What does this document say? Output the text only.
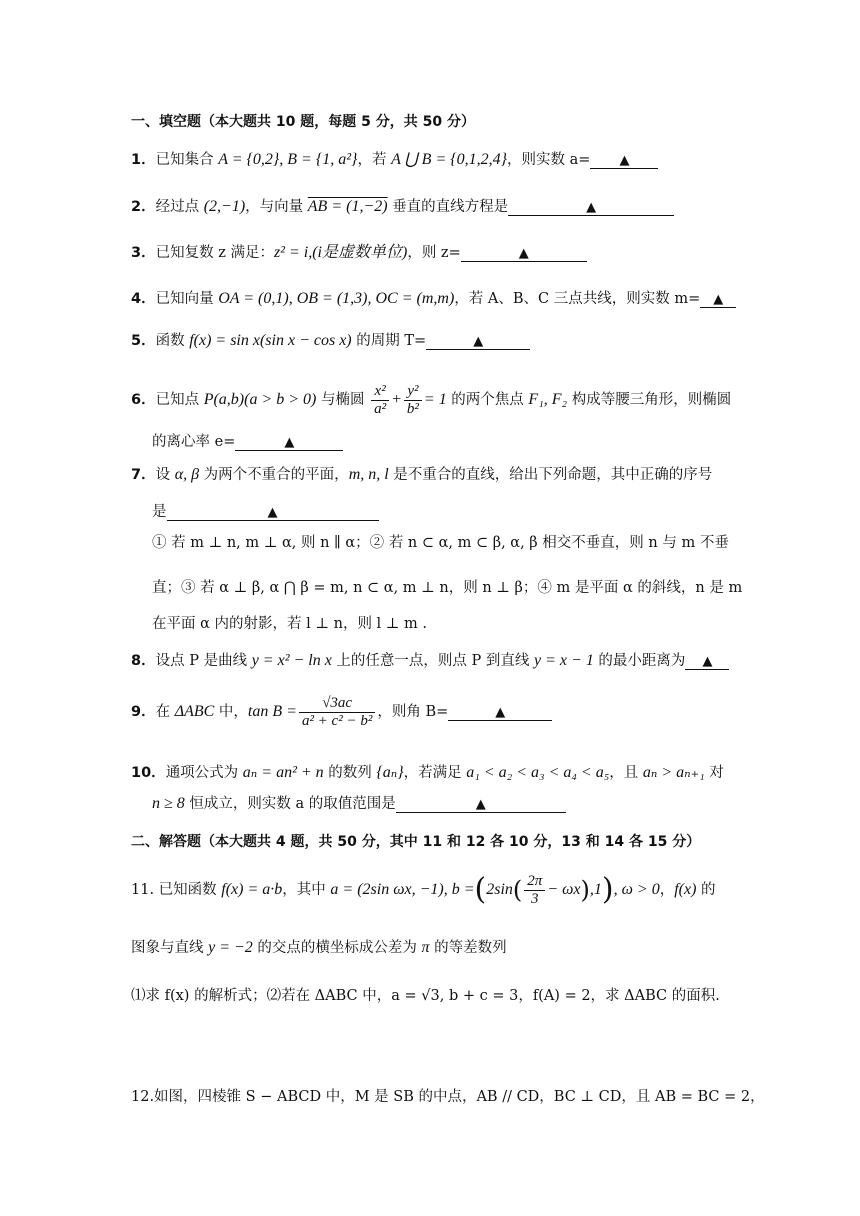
一、填空题（本大题共 10 题，每题 5 分，共 50 分）
1．已知集合 A = {0,2}, B = {1, a²}，若 A ⋃ B = {0,1,2,4}，则实数 a= ▲
2．经过点 (2,−1)，与向量 AB = (1,−2) 垂直的直线方程是	▲
3．已知复数 z 满足：z² = i,(i是虚数单位)，则 z=	▲
4．已知向量 OA = (0,1), OB = (1,3), OC = (m,m)，若 A、B、C 三点共线，则实数 m= ▲
5．函数 f(x) = sin x(sin x − cos x) 的周期 T=	▲
6．已知点 P(a,b)(a > b > 0) 与椭圆 $\frac{\text{x²}}{\text{a²}} + \frac{\text{y²}}{\text{b²}} = 1$ 的两个焦点 F₁, F₂ 构成等腰三角形，则椭圆
的离心率 e=	▲
7．设 α, β 为两个不重合的平面，m, n, l 是不重合的直线，给出下列命题，其中正确的序号
是	▲
① 若 m ⊥ n, m ⊥ α, 则 n ∥ α；② 若 n ⊂ α, m ⊂ β, α, β 相交不垂直，则 n 与 m 不垂
直；③ 若 α ⊥ β, α ⋂ β = m, n ⊂ α, m ⊥ n，则 n ⊥ β；④ m 是平面 α 的斜线，n 是 m
在平面 α 内的射影，若 l ⊥ n，则 l ⊥ m .
8．设点 P 是曲线 y = x² − ln x 上的任意一点，则点 P 到直线 y = x − 1 的最小距离为 ▲
9．在 ΔABC 中，$\tan B = \frac{√3ac}{\text{a² + c² − b²}}$ ，则角 B=	▲
10．通项公式为 aₙ = an² + n 的数列 {aₙ}，若满足 a₁ < a₂ < a₃ < a₄ < a₅，且 aₙ > aₙ₊₁ 对
n ≥ 8 恒成立，则实数 a 的取值范围是	▲
二、解答题（本大题共 4 题，共 50 分，其中 11 和 12 各 10 分，13 和 14 各 15 分）
11. 已知函数 f(x) = a·b，其中 a = (2sin ωx, −1), $b =(2\sin( \frac{2\pi}{3} - \omega x),1)$, ω > 0，f(x) 的
图象与直线 y = −2 的交点的横坐标成公差为 π 的等差数列
⑴求 f(x) 的解析式；⑵若在 ΔABC 中，a = √3, b + c = 3，f(A) = 2，求 ΔABC 的面积.
12.如图，四棱锥 S − ABCD 中，M 是 SB 的中点，AB // CD，BC ⊥ CD，且 AB = BC = 2，
